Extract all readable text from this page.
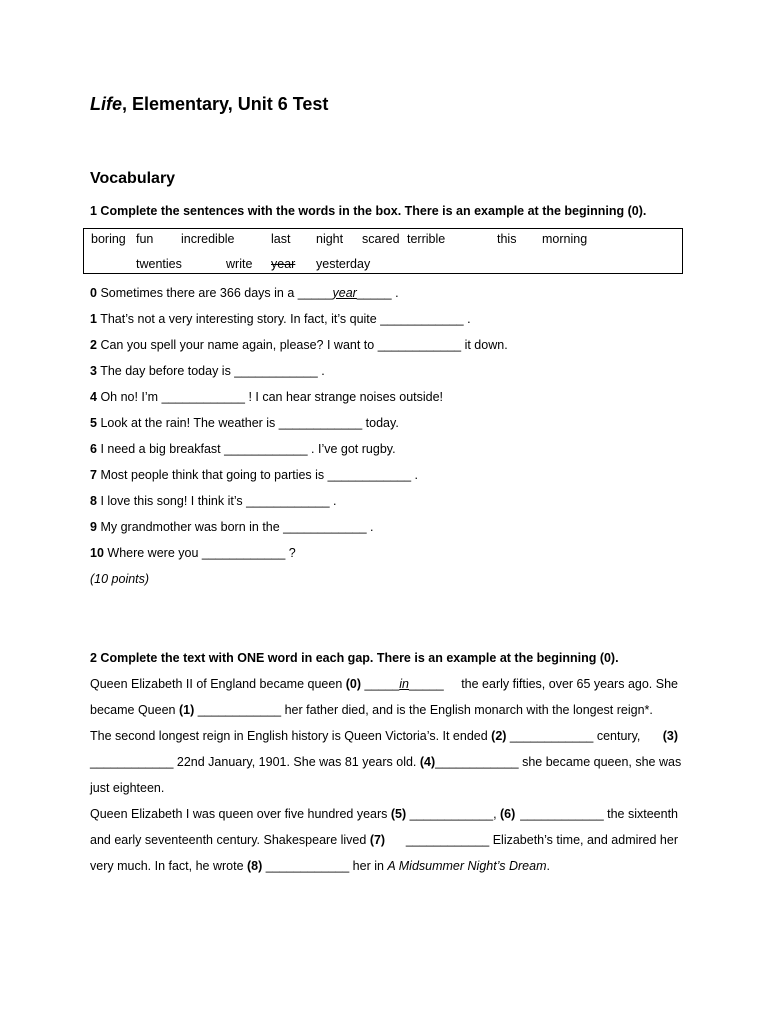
Life, Elementary, Unit 6 Test
Vocabulary
1 Complete the sentences with the words in the box. There is an example at the beginning (0).
boring fun incredible	last night scared terrible	this morning
twenties	write year yesterday
0 Sometimes there are 366 days in a _____year_____ .
1 That’s not a very interesting story. In fact, it’s quite ____________ .
2 Can you spell your name again, please? I want to ____________ it down.
3 The day before today is ____________ .
4 Oh no! I’m ____________ ! I can hear strange noises outside!
5 Look at the rain! The weather is ____________ today.
6 I need a big breakfast ____________ . I’ve got rugby.
7 Most people think that going to parties is ____________ .
8 I love this song! I think it’s ____________ .
9 My grandmother was born in the ____________ .
10 Where were you ____________ ?
(10 points)
2 Complete the text with ONE word in each gap. There is an example at the beginning (0).
Queen Elizabeth II of England became queen (0) _____in_____ the early fifties, over 65 years ago. She
became Queen (1) ____________ her father died, and is the English monarch with the longest reign*.
The second longest reign in English history is Queen Victoria’s. It ended (2) ____________ century, (3)
____________ 22nd January, 1901. She was 81 years old. (4) ____________ she became queen, she was
just eighteen.
Queen Elizabeth I was queen over five hundred years (5) ____________, (6) ____________ the sixteenth
and early seventeenth century. Shakespeare lived (7) ____________ Elizabeth’s time, and admired her
very much. In fact, he wrote (8) ____________ her in A Midsummer Night’s Dream.
